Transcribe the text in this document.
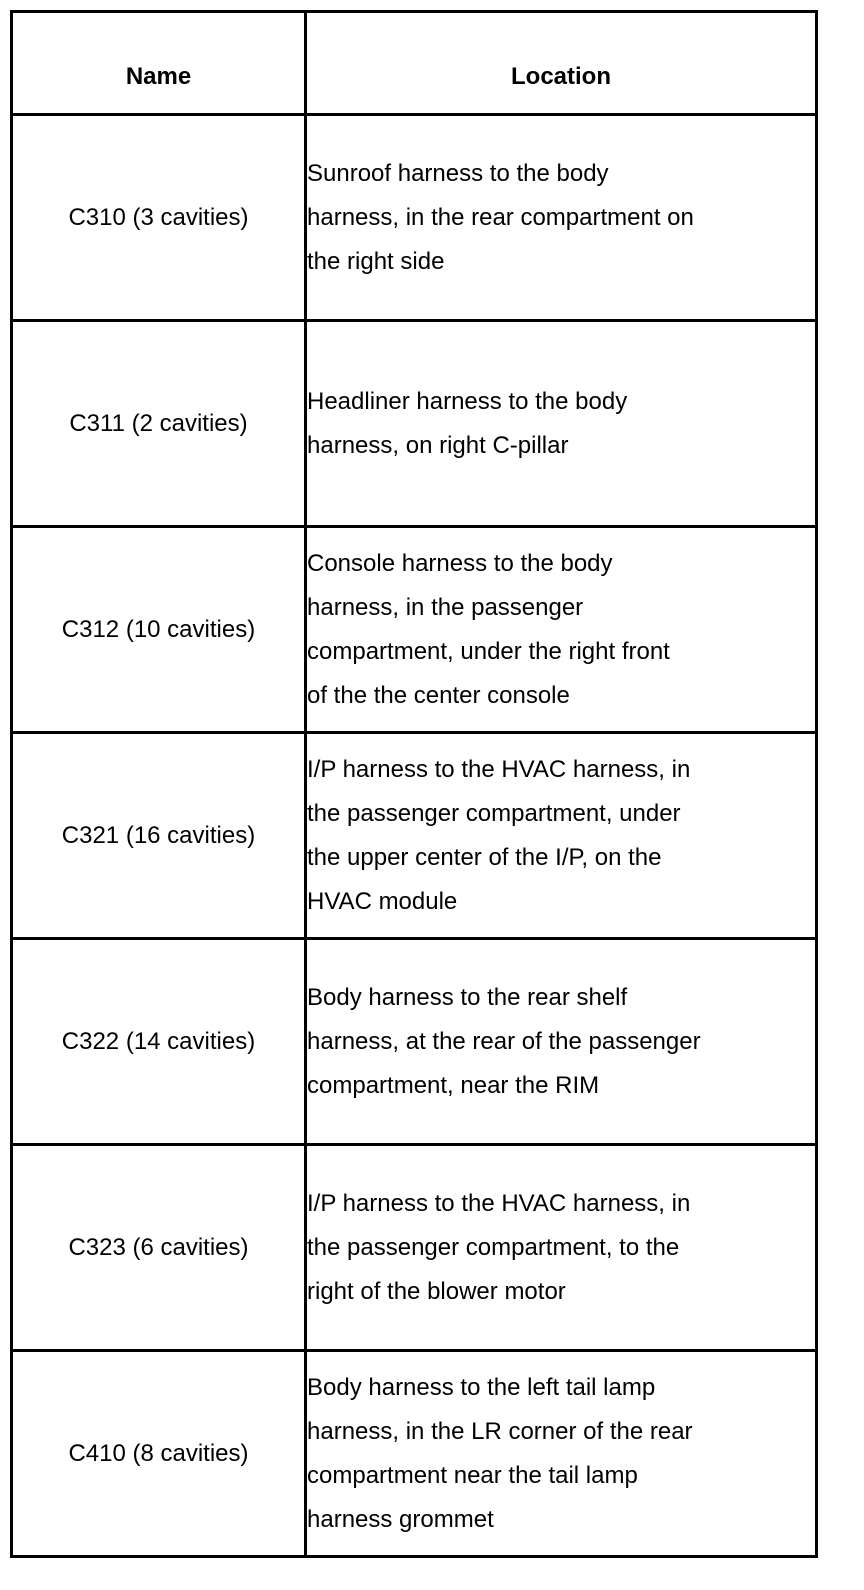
Name	Location
C310 (3 cavities)	Sunroof harness to the body
harness, in the rear compartment on
the right side

C311 (2 cavities)	Headliner harness to the body
harness, on right C-pillar

C312 (10 cavities)	Console harness to the body
harness, in the passenger
compartment, under the right front
of the the center console

C321 (16 cavities)	I/P harness to the HVAC harness, in
the passenger compartment, under
the upper center of the I/P, on the
HVAC module

C322 (14 cavities)	Body harness to the rear shelf
harness, at the rear of the passenger
compartment, near the RIM

C323 (6 cavities)	I/P harness to the HVAC harness, in
the passenger compartment, to the
right of the blower motor

C410 (8 cavities)	Body harness to the left tail lamp
harness, in the LR corner of the rear
compartment near the tail lamp
harness grommet
